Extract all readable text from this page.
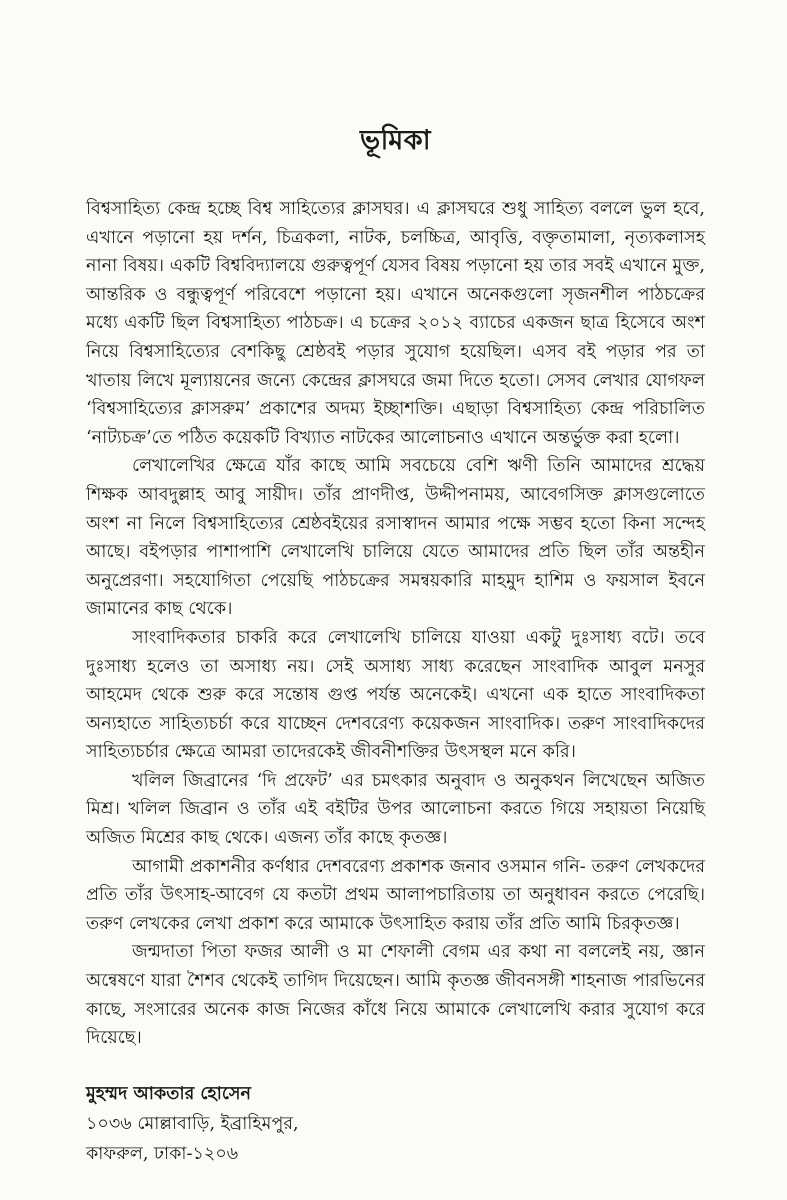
ভূমিকা

বিশ্বসাহিত্য কেন্দ্র হচ্ছে বিশ্ব সাহিত্যের ক্লাসঘর। এ ক্লাসঘরে শুধু সাহিত্য বললে ভুল হবে, এখানে পড়ানো হয় দর্শন, চিত্রকলা, নাটক, চলচ্চিত্র, আবৃত্তি, বক্তৃতামালা, নৃত্যকলাসহ নানা বিষয়। একটি বিশ্ববিদ্যালয়ে গুরুত্বপূর্ণ যেসব বিষয় পড়ানো হয় তার সবই এখানে মুক্ত, আন্তরিক ও বন্ধুত্বপূর্ণ পরিবেশে পড়ানো হয়। এখানে অনেকগুলো সৃজনশীল পাঠচক্রের মধ্যে একটি ছিল বিশ্বসাহিত্য পাঠচক্র। এ চক্রের ২০১২ ব্যাচের একজন ছাত্র হিসেবে অংশ নিয়ে বিশ্বসাহিত্যের বেশকিছু শ্রেষ্ঠবই পড়ার সুযোগ হয়েছিল। এসব বই পড়ার পর তা খাতায় লিখে মূল্যায়নের জন্যে কেন্দ্রের ক্লাসঘরে জমা দিতে হতো। সেসব লেখার যোগফল ‘বিশ্বসাহিত্যের ক্লাসরুম’ প্রকাশের অদম্য ইচ্ছাশক্তি। এছাড়া বিশ্বসাহিত্য কেন্দ্র পরিচালিত ‘নাট্যচক্র’তে পঠিত কয়েকটি বিখ্যাত নাটকের আলোচনাও এখানে অন্তর্ভুক্ত করা হলো।

লেখালেখির ক্ষেত্রে যাঁর কাছে আমি সবচেয়ে বেশি ঋণী তিনি আমাদের শ্রদ্ধেয় শিক্ষক আবদুল্লাহ আবু সায়ীদ। তাঁর প্রাণদীপ্ত, উদ্দীপনাময়, আবেগসিক্ত ক্লাসগুলোতে অংশ না নিলে বিশ্বসাহিত্যের শ্রেষ্ঠবইয়ের রসাস্বাদন আমার পক্ষে সম্ভব হতো কিনা সন্দেহ আছে। বইপড়ার পাশাপাশি লেখালেখি চালিয়ে যেতে আমাদের প্রতি ছিল তাঁর অন্তহীন অনুপ্রেরণা। সহযোগিতা পেয়েছি পাঠচক্রের সমন্বয়কারি মাহমুদ হাশিম ও ফয়সাল ইবনে জামানের কাছ থেকে।

সাংবাদিকতার চাকরি করে লেখালেখি চালিয়ে যাওয়া একটু দুঃসাধ্য বটে। তবে দুঃসাধ্য হলেও তা অসাধ্য নয়। সেই অসাধ্য সাধ্য করেছেন সাংবাদিক আবুল মনসুর আহমেদ থেকে শুরু করে সন্তোষ গুপ্ত পর্যন্ত অনেকেই। এখনো এক হাতে সাংবাদিকতা অন্যহাতে সাহিত্যচর্চা করে যাচ্ছেন দেশবরেণ্য কয়েকজন সাংবাদিক। তরুণ সাংবাদিকদের সাহিত্যচর্চার ক্ষেত্রে আমরা তাদেরকেই জীবনীশক্তির উৎসস্থল মনে করি।

খলিল জিব্রানের ‘দি প্রফেট’ এর চমৎকার অনুবাদ ও অনুকথন লিখেছেন অজিত মিশ্র। খলিল জিব্রান ও তাঁর এই বইটির উপর আলোচনা করতে গিয়ে সহায়তা নিয়েছি অজিত মিশ্রের কাছ থেকে। এজন্য তাঁর কাছে কৃতজ্ঞ।

আগামী প্রকাশনীর কর্ণধার দেশবরেণ্য প্রকাশক জনাব ওসমান গনি- তরুণ লেখকদের প্রতি তাঁর উৎসাহ-আবেগ যে কতটা প্রথম আলাপচারিতায় তা অনুধাবন করতে পেরেছি। তরুণ লেখকের লেখা প্রকাশ করে আমাকে উৎসাহিত করায় তাঁর প্রতি আমি চিরকৃতজ্ঞ।

জন্মদাতা পিতা ফজর আলী ও মা শেফালী বেগম এর কথা না বললেই নয়, জ্ঞান অন্বেষণে যারা শৈশব থেকেই তাগিদ দিয়েছেন। আমি কৃতজ্ঞ জীবনসঙ্গী শাহনাজ পারভিনের কাছে, সংসারের অনেক কাজ নিজের কাঁধে নিয়ে আমাকে লেখালেখি করার সুযোগ করে দিয়েছে।

মুহম্মদ আকতার হোসেন
১০৩৬ মোল্লাবাড়ি, ইব্রাহিমপুর,
কাফরুল, ঢাকা-১২০৬
